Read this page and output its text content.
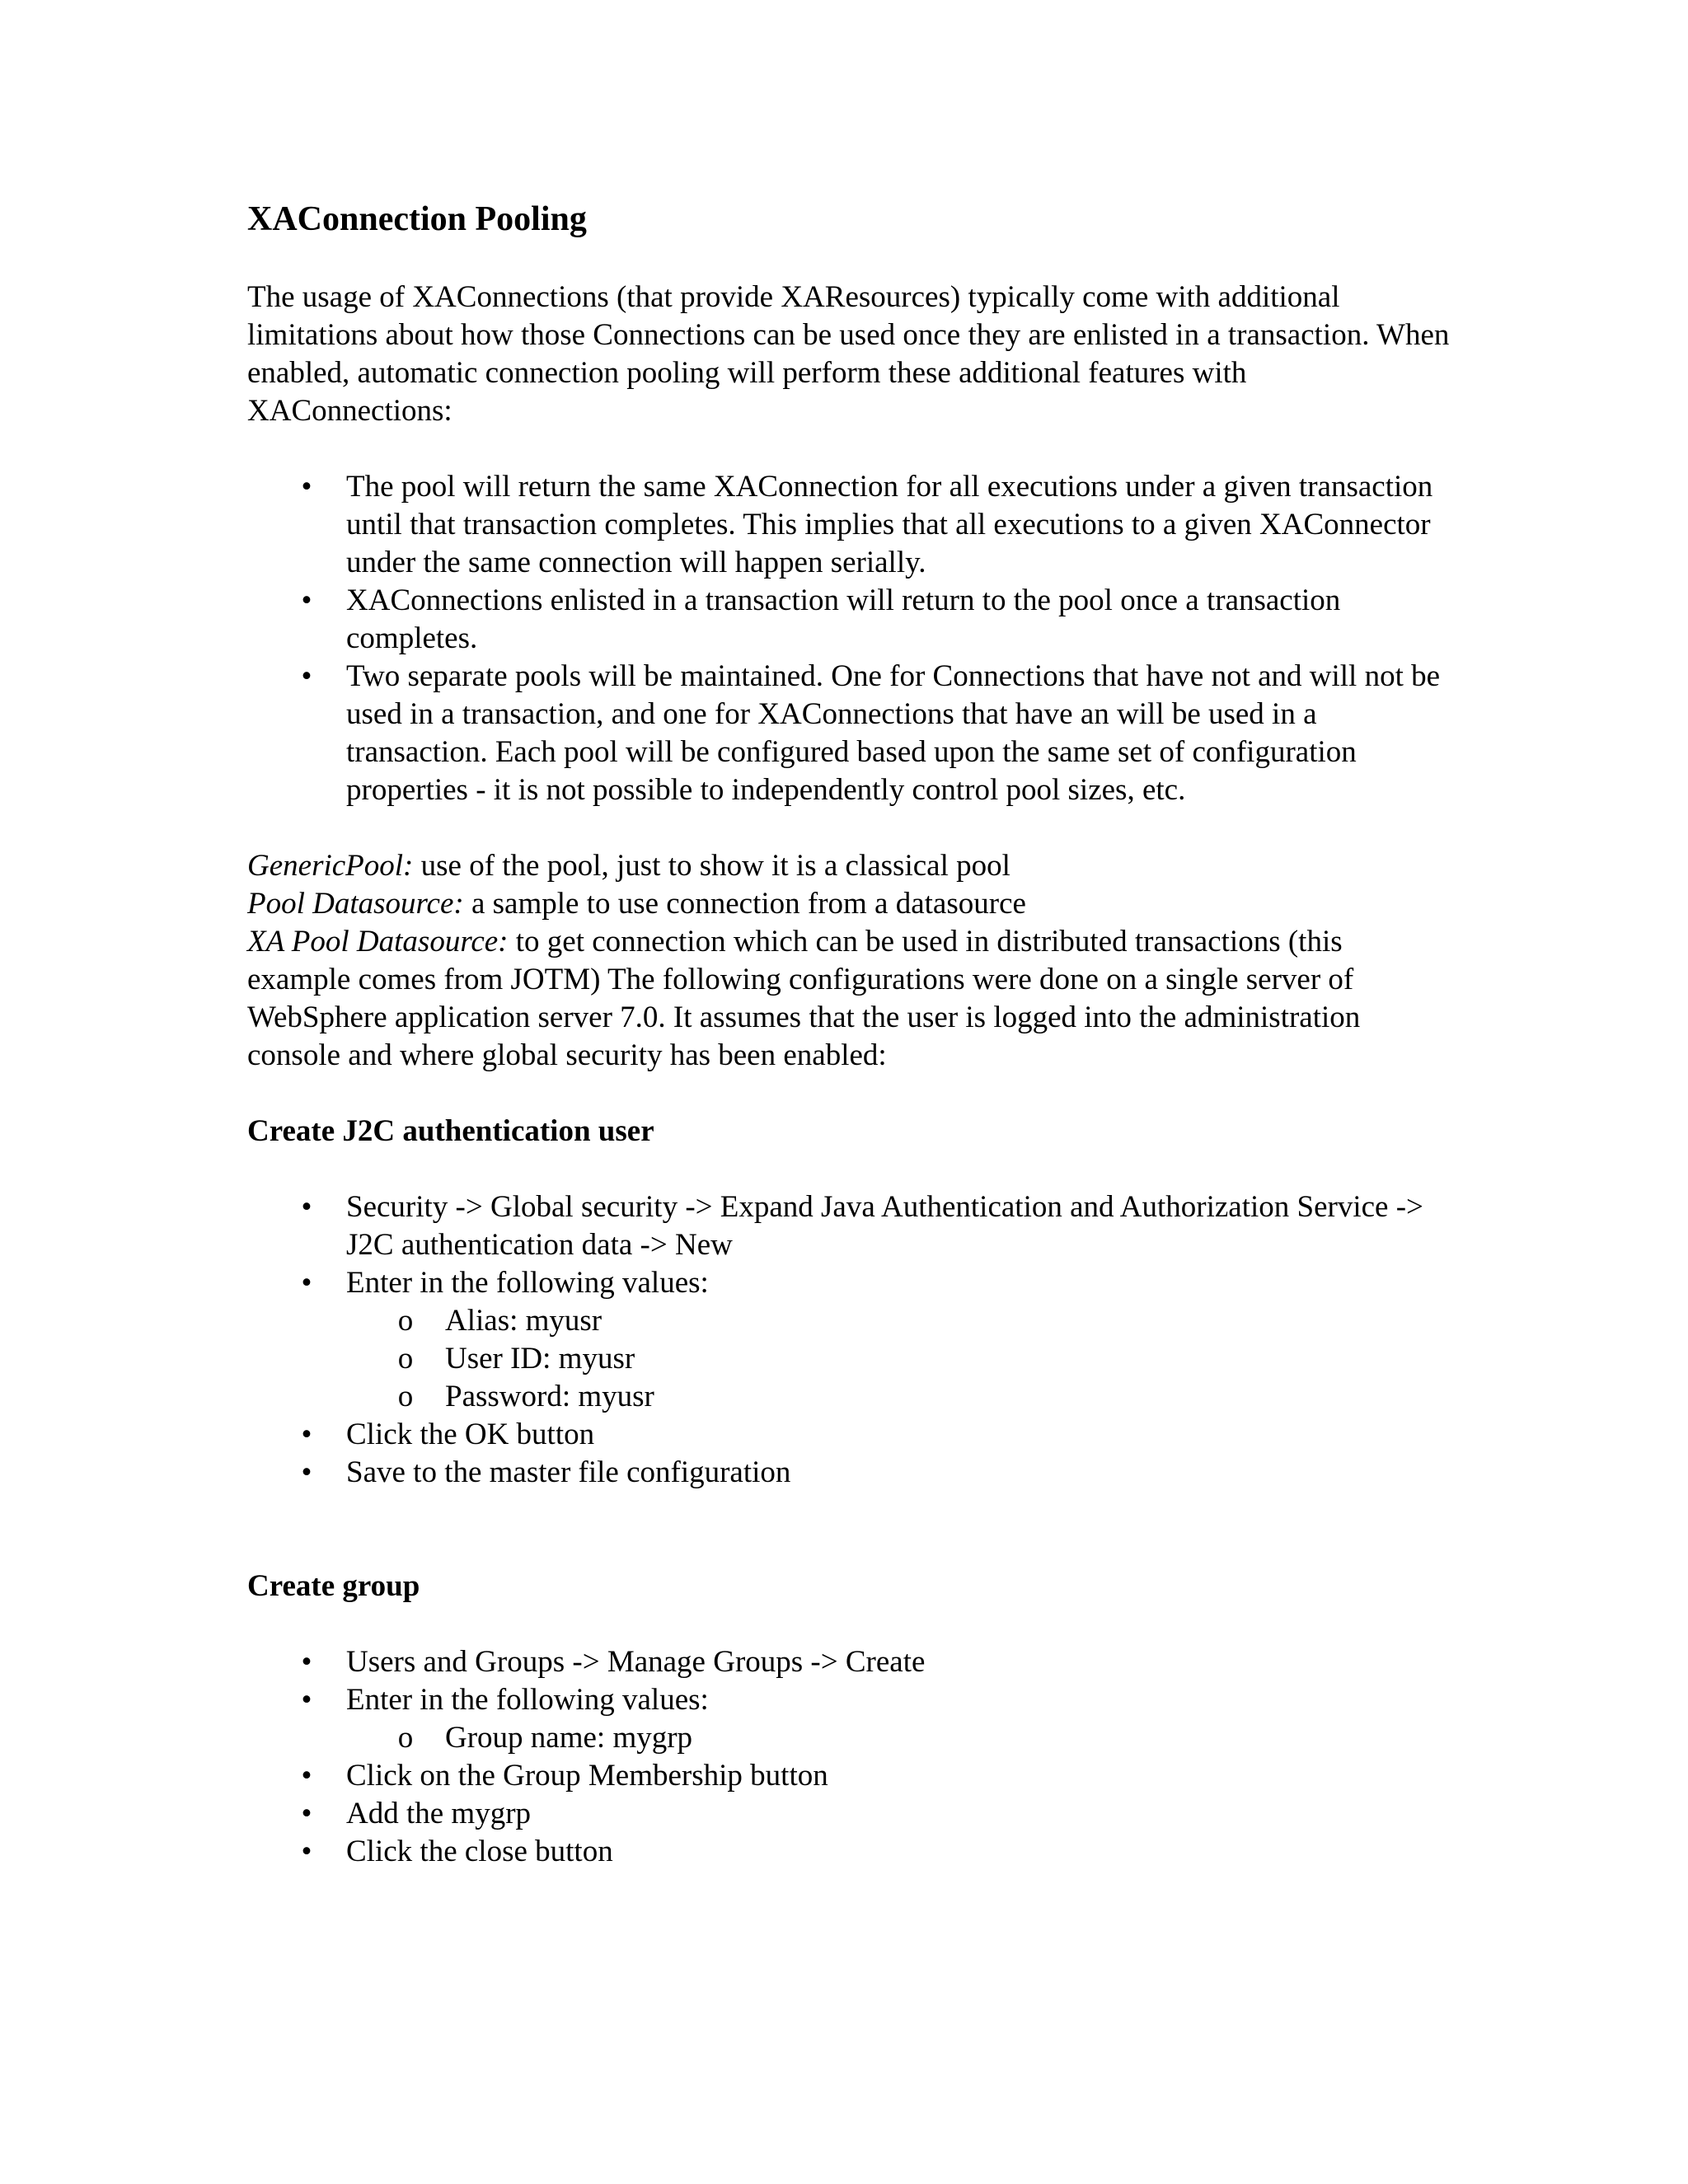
XAConnection Pooling

The usage of XAConnections (that provide XAResources) typically come with additional limitations about how those Connections can be used once they are enlisted in a transaction. When enabled, automatic connection pooling will perform these additional features with XAConnections:

• The pool will return the same XAConnection for all executions under a given transaction until that transaction completes. This implies that all executions to a given XAConnector under the same connection will happen serially.
• XAConnections enlisted in a transaction will return to the pool once a transaction completes.
• Two separate pools will be maintained. One for Connections that have not and will not be used in a transaction, and one for XAConnections that have an will be used in a transaction. Each pool will be configured based upon the same set of configuration properties - it is not possible to independently control pool sizes, etc.

GenericPool: use of the pool, just to show it is a classical pool

Pool Datasource: a sample to use connection from a datasource

XA Pool Datasource: to get connection which can be used in distributed transactions (this example comes from JOTM) The following configurations were done on a single server of WebSphere application server 7.0. It assumes that the user is logged into the administration console and where global security has been enabled:

Create J2C authentication user
• Security -> Global security -> Expand Java Authentication and Authorization Service -> J2C authentication data -> New
• Enter in the following values:
o Alias: myusr
o User ID: myusr
o Password: myusr
• Click the OK button
• Save to the master file configuration
Create group
• Users and Groups -> Manage Groups -> Create
• Enter in the following values:
o Group name: mygrp
• Click on the Group Membership button
• Add the mygrp
• Click the close button
